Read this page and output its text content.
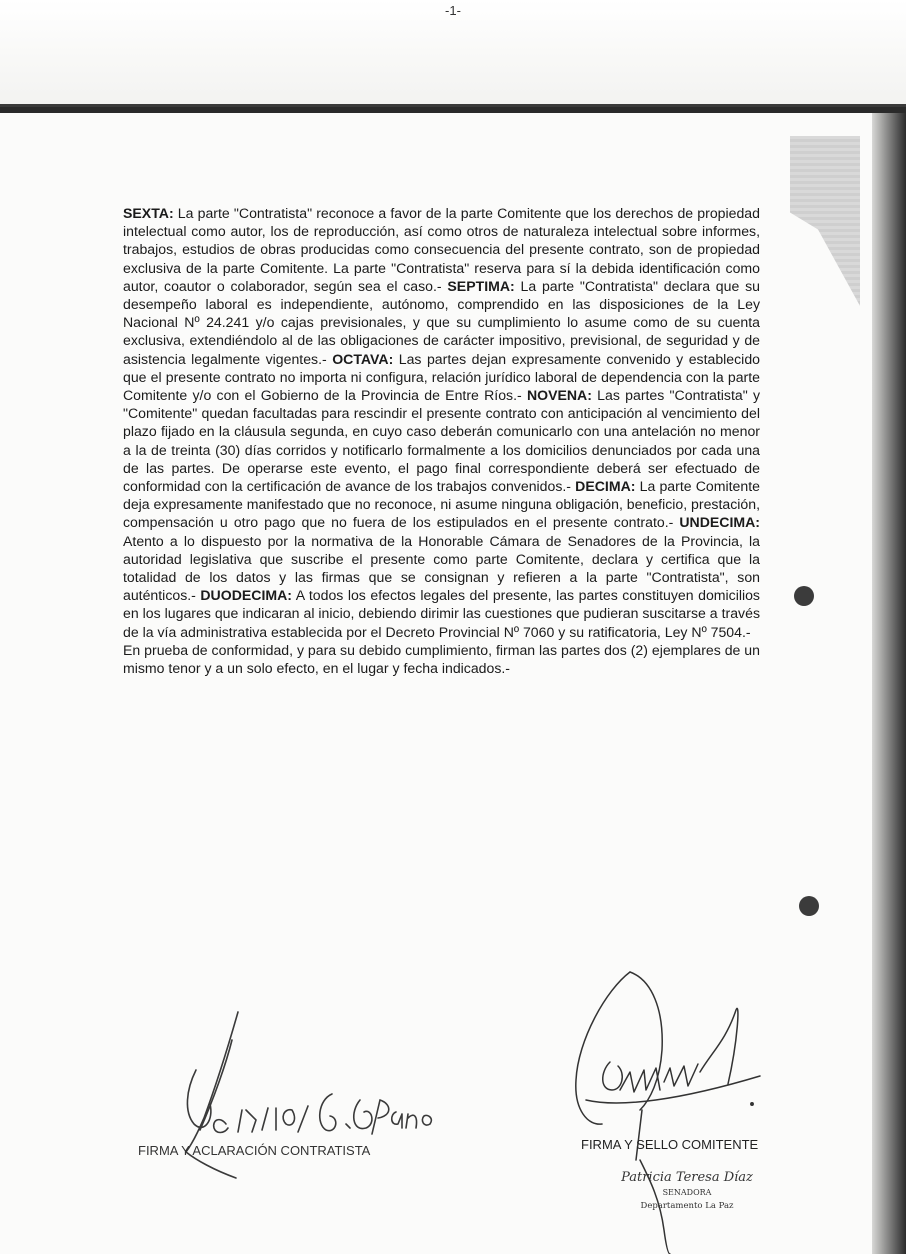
-1-

SEXTA: La parte "Contratista" reconoce a favor de la parte Comitente que los derechos de propiedad intelectual como autor, los de reproducción, así como otros de naturaleza intelectual sobre informes, trabajos, estudios de obras producidas como consecuencia del presente contrato, son de propiedad exclusiva de la parte Comitente. La parte "Contratista" reserva para sí la debida identificación como autor, coautor o colaborador, según sea el caso.- SEPTIMA: La parte "Contratista" declara que su desempeño laboral es independiente, autónomo, comprendido en las disposiciones de la Ley Nacional Nº 24.241 y/o cajas previsionales, y que su cumplimiento lo asume como de su cuenta exclusiva, extendiéndolo al de las obligaciones de carácter impositivo, previsional, de seguridad y de asistencia legalmente vigentes.- OCTAVA: Las partes dejan expresamente convenido y establecido que el presente contrato no importa ni configura, relación jurídico laboral de dependencia con la parte Comitente y/o con el Gobierno de la Provincia de Entre Ríos.- NOVENA: Las partes "Contratista" y "Comitente" quedan facultadas para rescindir el presente contrato con anticipación al vencimiento del plazo fijado en la cláusula segunda, en cuyo caso deberán comunicarlo con una antelación no menor a la de treinta (30) días corridos y notificarlo formalmente a los domicilios denunciados por cada una de las partes. De operarse este evento, el pago final correspondiente deberá ser efectuado de conformidad con la certificación de avance de los trabajos convenidos.- DECIMA: La parte Comitente deja expresamente manifestado que no reconoce, ni asume ninguna obligación, beneficio, prestación, compensación u otro pago que no fuera de los estipulados en el presente contrato.- UNDECIMA: Atento a lo dispuesto por la normativa de la Honorable Cámara de Senadores de la Provincia, la autoridad legislativa que suscribe el presente como parte Comitente, declara y certifica que la totalidad de los datos y las firmas que se consignan y refieren a la parte "Contratista", son auténticos.- DUODECIMA: A todos los efectos legales del presente, las partes constituyen domicilios en los lugares que indicaran al inicio, debiendo dirimir las cuestiones que pudieran suscitarse a través de la vía administrativa establecida por el Decreto Provincial Nº 7060 y su ratificatoria, Ley Nº 7504.-

En prueba de conformidad, y para su debido cumplimiento, firman las partes dos (2) ejemplares de un mismo tenor y a un solo efecto, en el lugar y fecha indicados.-

FIRMA Y ACLARACIÓN CONTRATISTA	FIRMA Y SELLO COMITENTE
Patricia Teresa Díaz
SENADORA
Departamento La Paz
